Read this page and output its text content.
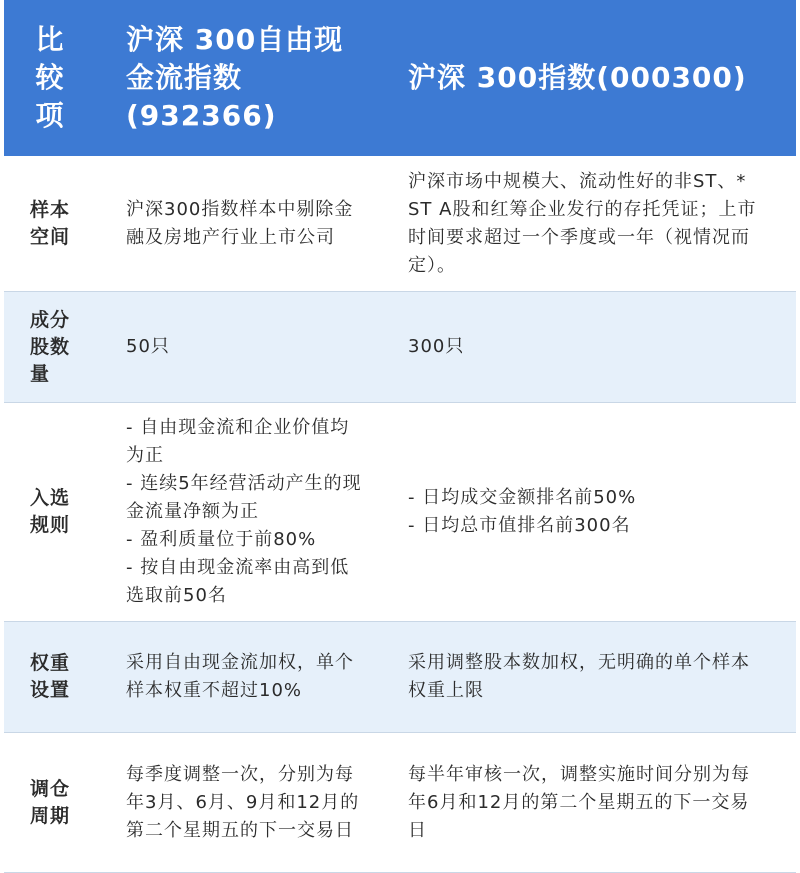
比较项
沪深 300自由现金流指数(932366)
沪深 300指数(000300)
样本空间
沪深300指数样本中剔除金融及房地产行业上市公司
沪深市场中规模大、流动性好的非ST、*ST A股和红筹企业发行的存托凭证；上市时间要求超过一个季度或一年（视情况而定）。
成分股数量
50只	300只
入选规则
- 自由现金流和企业价值均为正
- 连续5年经营活动产生的现金流量净额为正
- 盈利质量位于前80%
- 按自由现金流率由高到低选取前50名
- 日均成交金额排名前50%
- 日均总市值排名前300名
权重设置
采用自由现金流加权，单个样本权重不超过10%
采用调整股本数加权，无明确的单个样本权重上限
调仓周期
每季度调整一次，分别为每年3月、6月、9月和12月的第二个星期五的下一交易日
每半年审核一次，调整实施时间分别为每年6月和12月的第二个星期五的下一交易日
